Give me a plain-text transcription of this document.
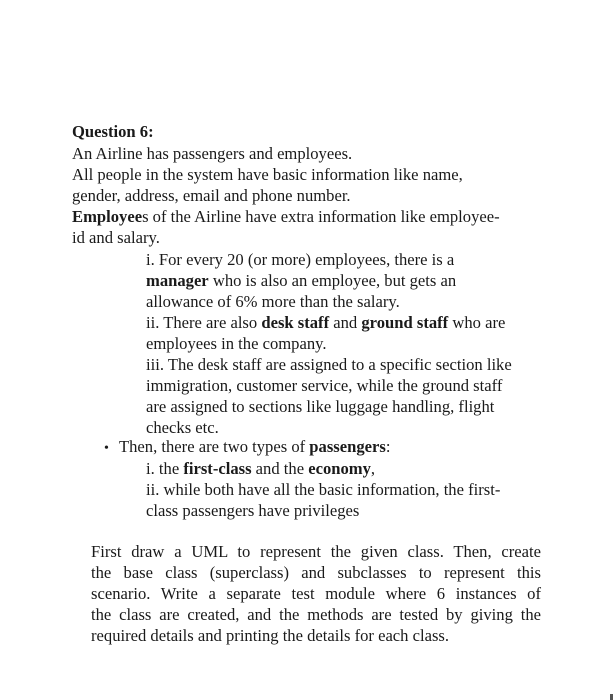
Question 6:

An Airline has passengers and employees.

All people in the system have basic information like name,

gender, address, email and phone number.

Employees of the Airline have extra information like employee-

id and salary.

i. For every 20 (or more) employees, there is a

manager who is also an employee, but gets an

allowance of 6% more than the salary.

ii. There are also desk staff and ground staff who are

employees in the company.

iii. The desk staff are assigned to a specific section like

immigration, customer service, while the ground staff

are assigned to sections like luggage handling, flight

checks etc.

• Then, there are two types of passengers:

i. the first-class and the economy,

ii. while both have all the basic information, the first-

class passengers have privileges

First draw a UML to represent the given class. Then, create
the base class (superclass) and subclasses to represent this
scenario. Write a separate test module where 6 instances of
the class are created, and the methods are tested by giving the
required details and printing the details for each class.
